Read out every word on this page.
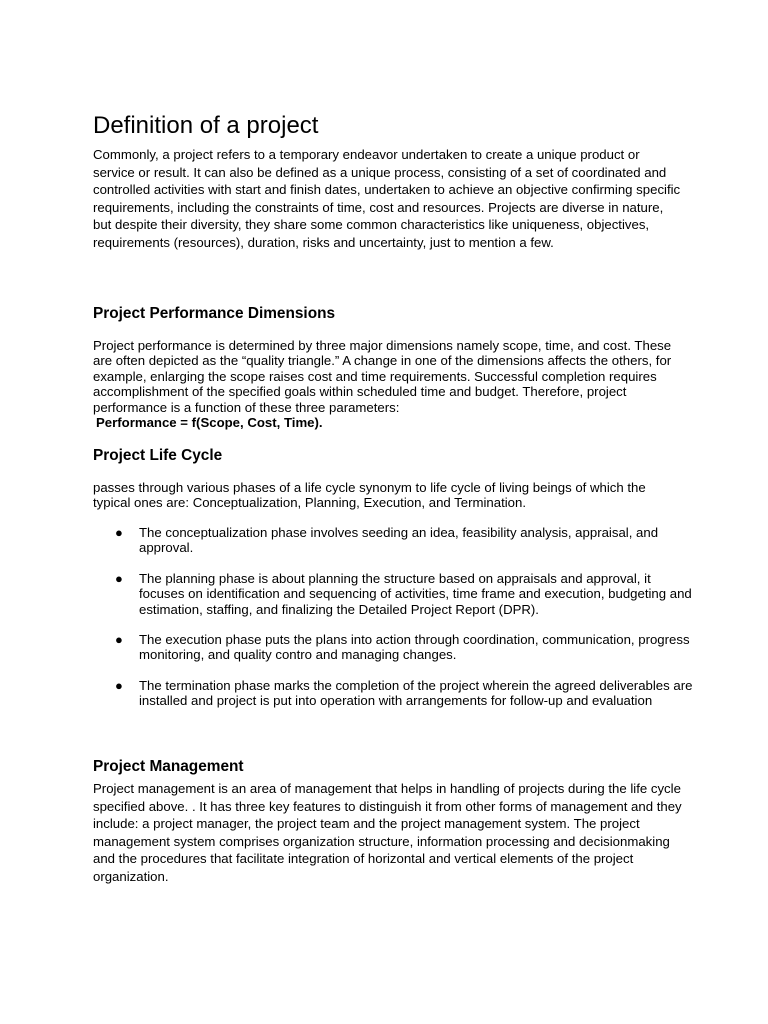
Definition of a project

Commonly, a project refers to a temporary endeavor undertaken to create a unique product or service or result. It can also be defined as a unique process, consisting of a set of coordinated and controlled activities with start and finish dates, undertaken to achieve an objective confirming specific requirements, including the constraints of time, cost and resources. Projects are diverse in nature, but despite their diversity, they share some common characteristics like uniqueness, objectives, requirements (resources), duration, risks and uncertainty, just to mention a few.

Project Performance Dimensions
Project performance is determined by three major dimensions namely scope, time, and cost. These are often depicted as the “quality triangle.” A change in one of the dimensions affects the others, for example, enlarging the scope raises cost and time requirements. Successful completion requires accomplishment of the specified goals within scheduled time and budget. Therefore, project performance is a function of these three parameters:
Performance = f(Scope, Cost, Time).
Project Life Cycle

passes through various phases of a life cycle synonym to life cycle of living beings of which the typical ones are: Conceptualization, Planning, Execution, and Termination.

● The conceptualization phase involves seeding an idea, feasibility analysis, appraisal, and approval.
● The planning phase is about planning the structure based on appraisals and approval, it focuses on identification and sequencing of activities, time frame and execution, budgeting and estimation, staffing, and finalizing the Detailed Project Report (DPR).
● The execution phase puts the plans into action through coordination, communication, progress monitoring, and quality contro and managing changes.
● The termination phase marks the completion of the project wherein the agreed deliverables are installed and project is put into operation with arrangements for follow-up and evaluation
Project Management

Project management is an area of management that helps in handling of projects during the life cycle specified above. . It has three key features to distinguish it from other forms of management and they include: a project manager, the project team and the project management system. The project management system comprises organization structure, information processing and decisionmaking and the procedures that facilitate integration of horizontal and vertical elements of the project organization.
